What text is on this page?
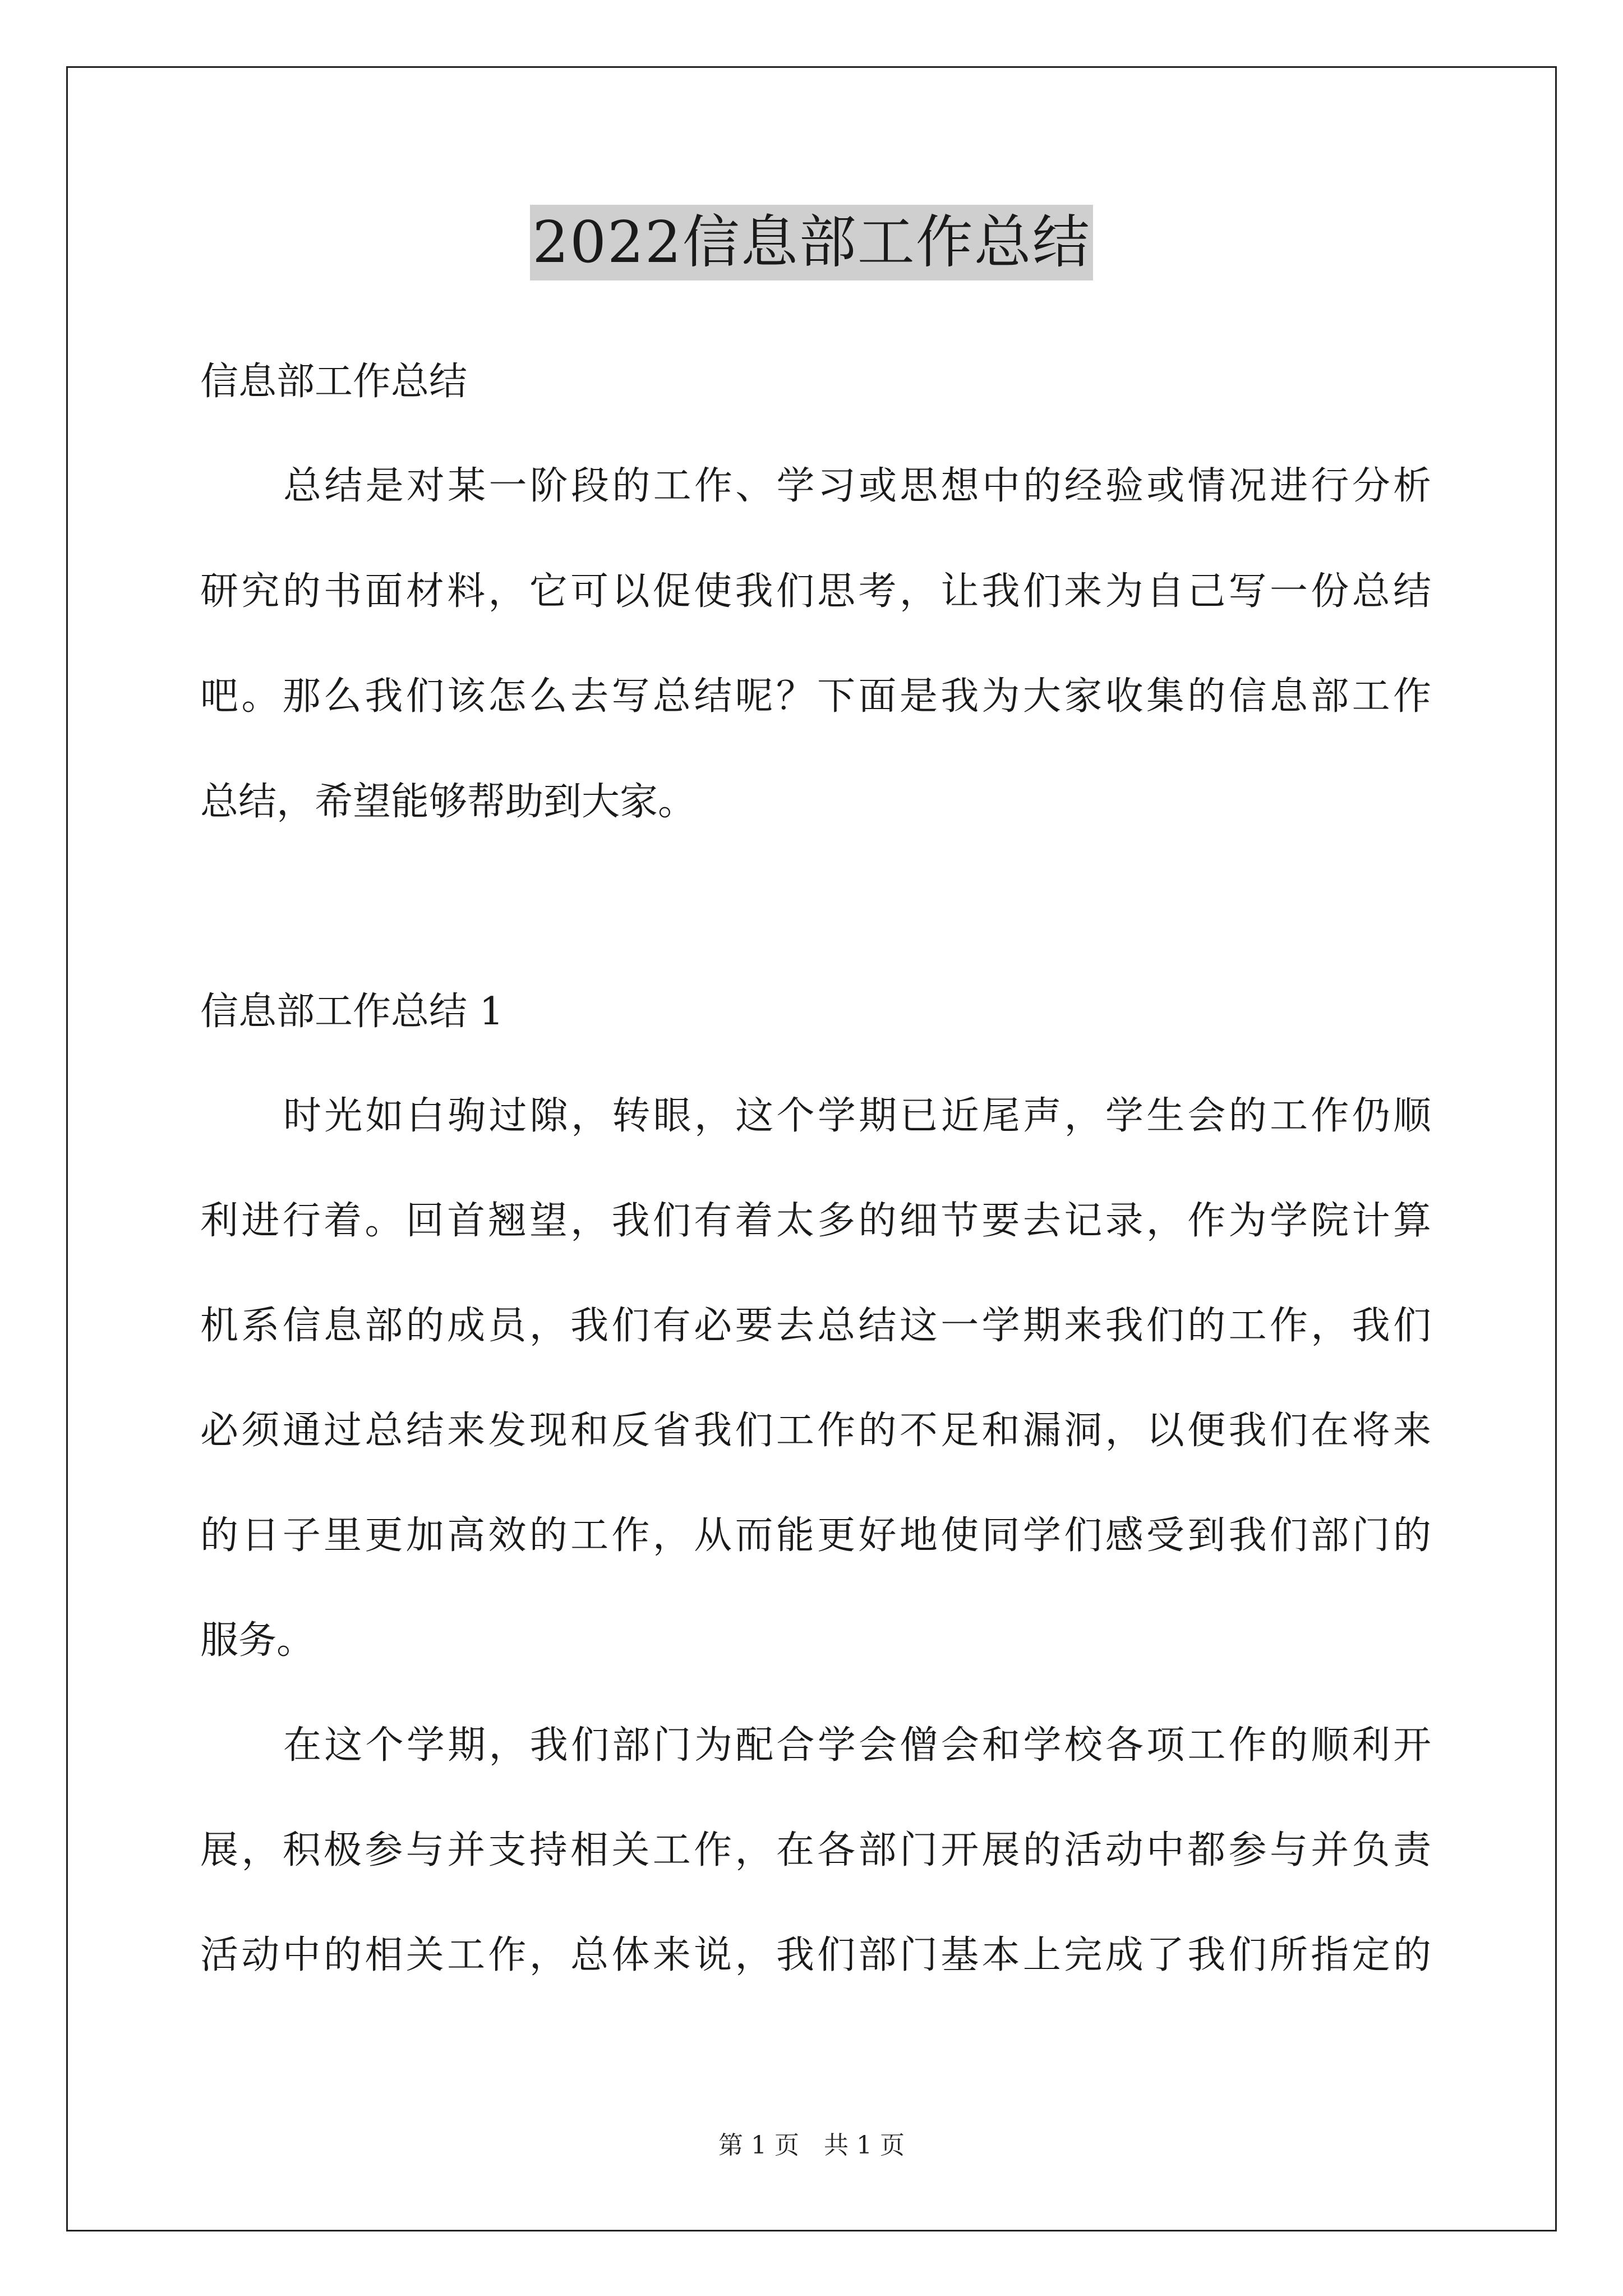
2022信息部工作总结
信息部工作总结
总结是对某一阶段的工作、学习或思想中的经验或情况进行分析
研究的书面材料，它可以促使我们思考，让我们来为自己写一份总结
吧。那么我们该怎么去写总结呢？下面是我为大家收集的信息部工作
总结，希望能够帮助到大家。
信息部工作总结 1
时光如白驹过隙，转眼，这个学期已近尾声，学生会的工作仍顺
利进行着。回首翘望，我们有着太多的细节要去记录，作为学院计算
机系信息部的成员，我们有必要去总结这一学期来我们的工作，我们
必须通过总结来发现和反省我们工作的不足和漏洞，以便我们在将来
的日子里更加高效的工作，从而能更好地使同学们感受到我们部门的
服务。
在这个学期，我们部门为配合学会僧会和学校各项工作的顺利开
展，积极参与并支持相关工作，在各部门开展的活动中都参与并负责
活动中的相关工作，总体来说，我们部门基本上完成了我们所指定的
第 1 页　共 1 页
